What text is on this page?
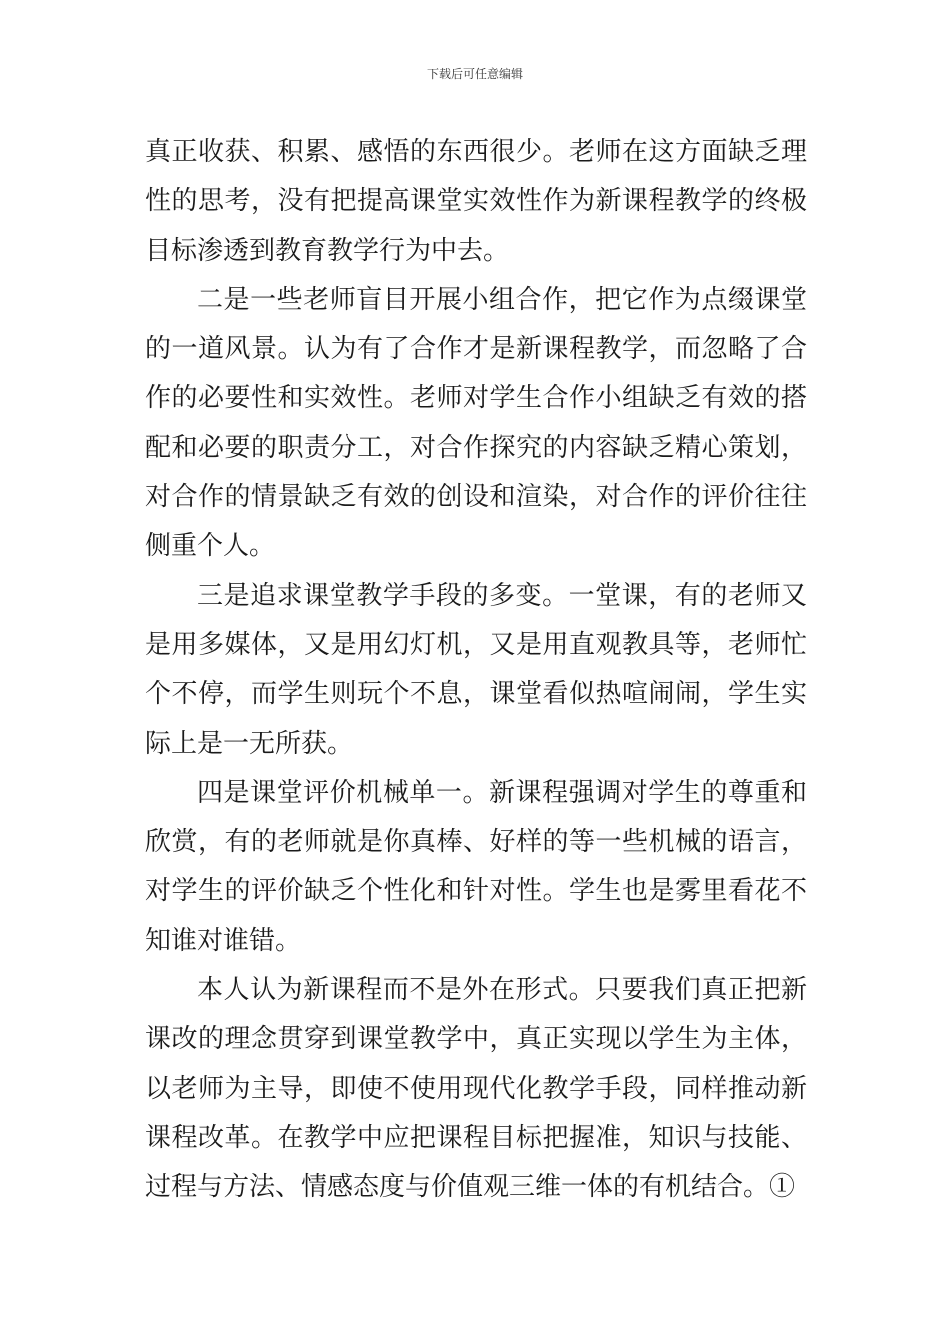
下载后可任意编辑

真正收获、积累、感悟的东西很少。老师在这方面缺乏理性的思考，没有把提高课堂实效性作为新课程教学的终极目标渗透到教育教学行为中去。

二是一些老师盲目开展小组合作，把它作为点缀课堂的一道风景。认为有了合作才是新课程教学，而忽略了合作的必要性和实效性。老师对学生合作小组缺乏有效的搭配和必要的职责分工，对合作探究的内容缺乏精心策划，对合作的情景缺乏有效的创设和渲染，对合作的评价往往侧重个人。

三是追求课堂教学手段的多变。一堂课，有的老师又是用多媒体，又是用幻灯机，又是用直观教具等，老师忙个不停，而学生则玩个不息，课堂看似热喧闹闹，学生实际上是一无所获。

四是课堂评价机械单一。新课程强调对学生的尊重和欣赏，有的老师就是你真棒、好样的等一些机械的语言，对学生的评价缺乏个性化和针对性。学生也是雾里看花不知谁对谁错。

本人认为新课程而不是外在形式。只要我们真正把新课改的理念贯穿到课堂教学中，真正实现以学生为主体，以老师为主导，即使不使用现代化教学手段，同样推动新课程改革。在教学中应把课程目标把握准，知识与技能、过程与方法、情感态度与价值观三维一体的有机结合。①
